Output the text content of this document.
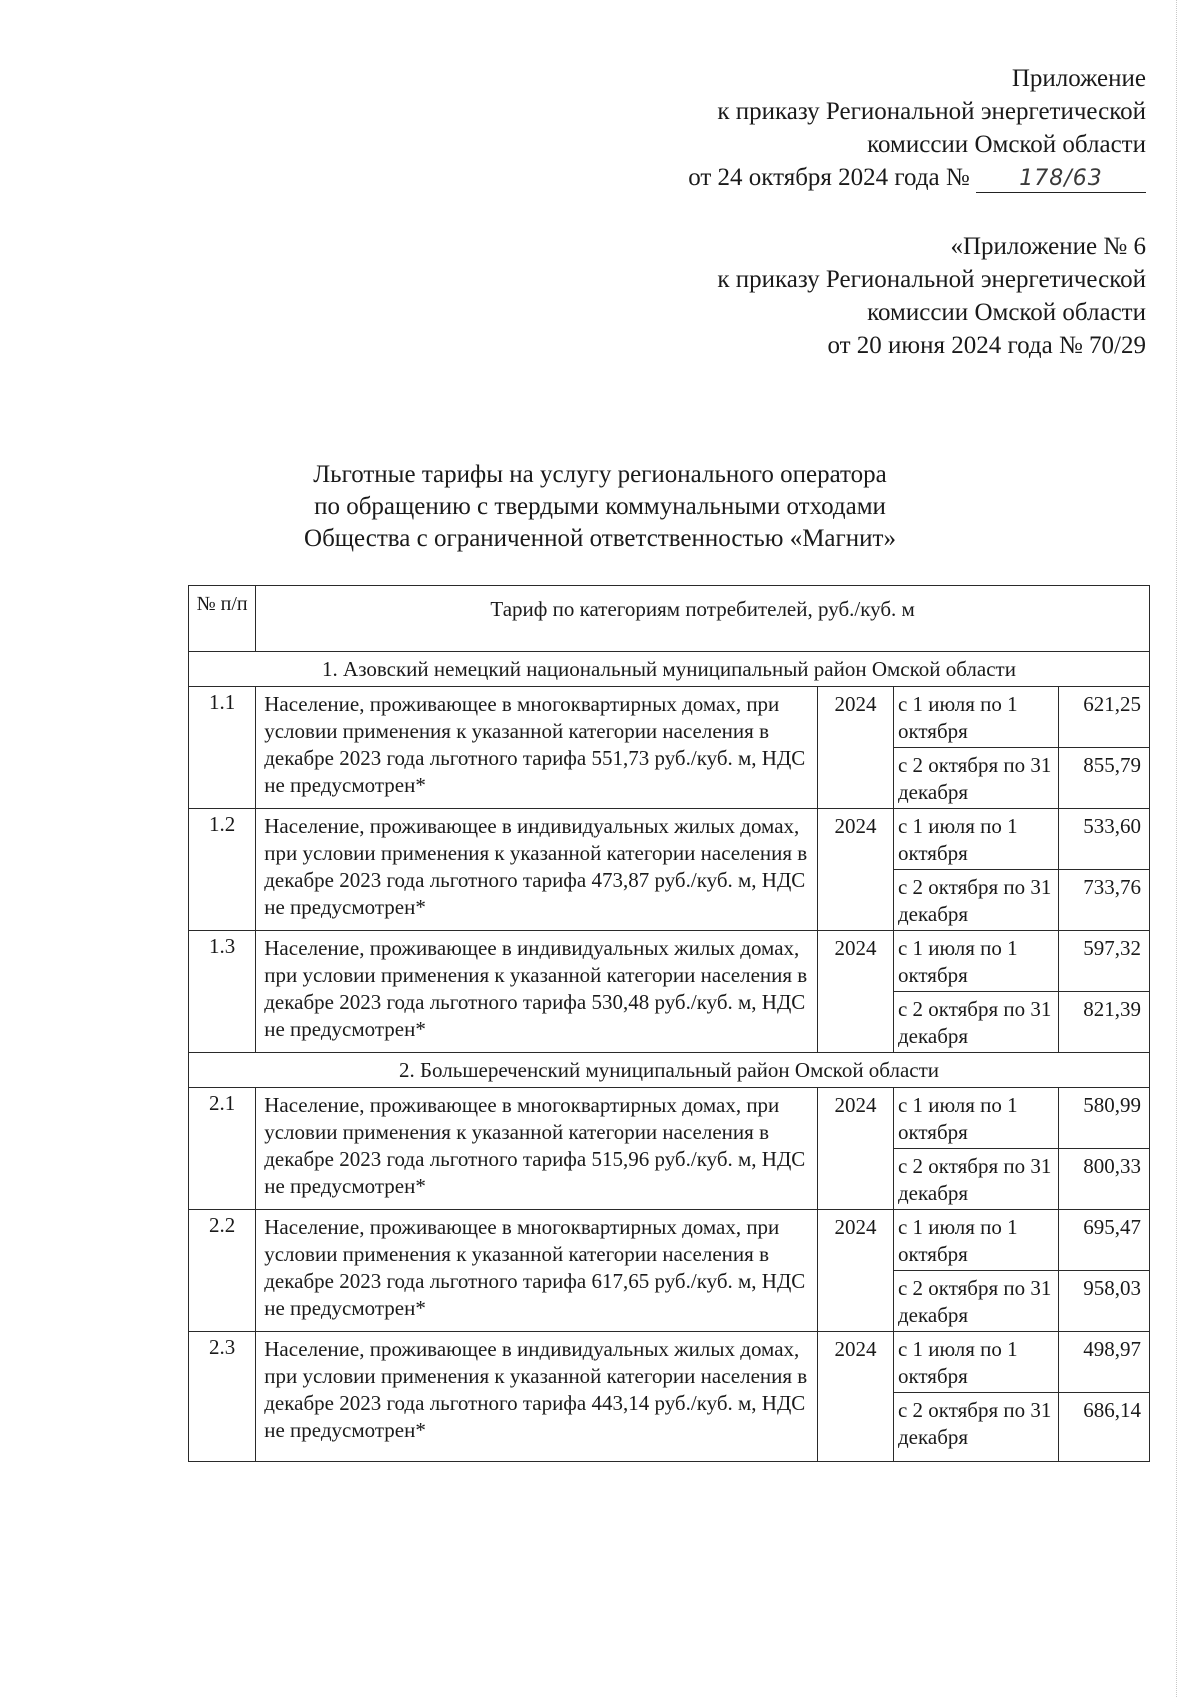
Приложение
к приказу Региональной энергетической
комиссии Омской области
от 24 октября 2024 года № 178/63
«Приложение № 6
к приказу Региональной энергетической
комиссии Омской области
от 20 июня 2024 года № 70/29
Льготные тарифы на услугу регионального оператора
по обращению с твердыми коммунальными отходами
Общества с ограниченной ответственностью «Магнит»
№ п/п	Тариф по категориям потребителей, руб./куб. м			
1. Азовский немецкий национальный муниципальный район Омской области				
1.1	Население, проживающее в многоквартирных домах, при условии применения к указанной категории населения в декабре 2023 года льготного тарифа 551,73 руб./куб. м, НДС не предусмотрен*	2024	с 1 июля по 1 октября	621,25
			с 2 октября по 31 декабря	855,79
1.2	Население, проживающее в индивидуальных жилых домах, при условии применения к указанной категории населения в декабре 2023 года льготного тарифа 473,87 руб./куб. м, НДС не предусмотрен*	2024	с 1 июля по 1 октября	533,60
			с 2 октября по 31 декабря	733,76
1.3	Население, проживающее в индивидуальных жилых домах, при условии применения к указанной категории населения в декабре 2023 года льготного тарифа 530,48 руб./куб. м, НДС не предусмотрен*	2024	с 1 июля по 1 октября	597,32
			с 2 октября по 31 декабря	821,39
2. Большереченский муниципальный район Омской области				
2.1	Население, проживающее в многоквартирных домах, при условии применения к указанной категории населения в декабре 2023 года льготного тарифа 515,96 руб./куб. м, НДС не предусмотрен*	2024	с 1 июля по 1 октября	580,99
			с 2 октября по 31 декабря	800,33
2.2	Население, проживающее в многоквартирных домах, при условии применения к указанной категории населения в декабре 2023 года льготного тарифа 617,65 руб./куб. м, НДС не предусмотрен*	2024	с 1 июля по 1 октября	695,47
			с 2 октября по 31 декабря	958,03
2.3	Население, проживающее в индивидуальных жилых домах, при условии применения к указанной категории населения в декабре 2023 года льготного тарифа 443,14 руб./куб. м, НДС не предусмотрен*	2024	с 1 июля по 1 октября	498,97
			с 2 октября по 31 декабря	686,14
